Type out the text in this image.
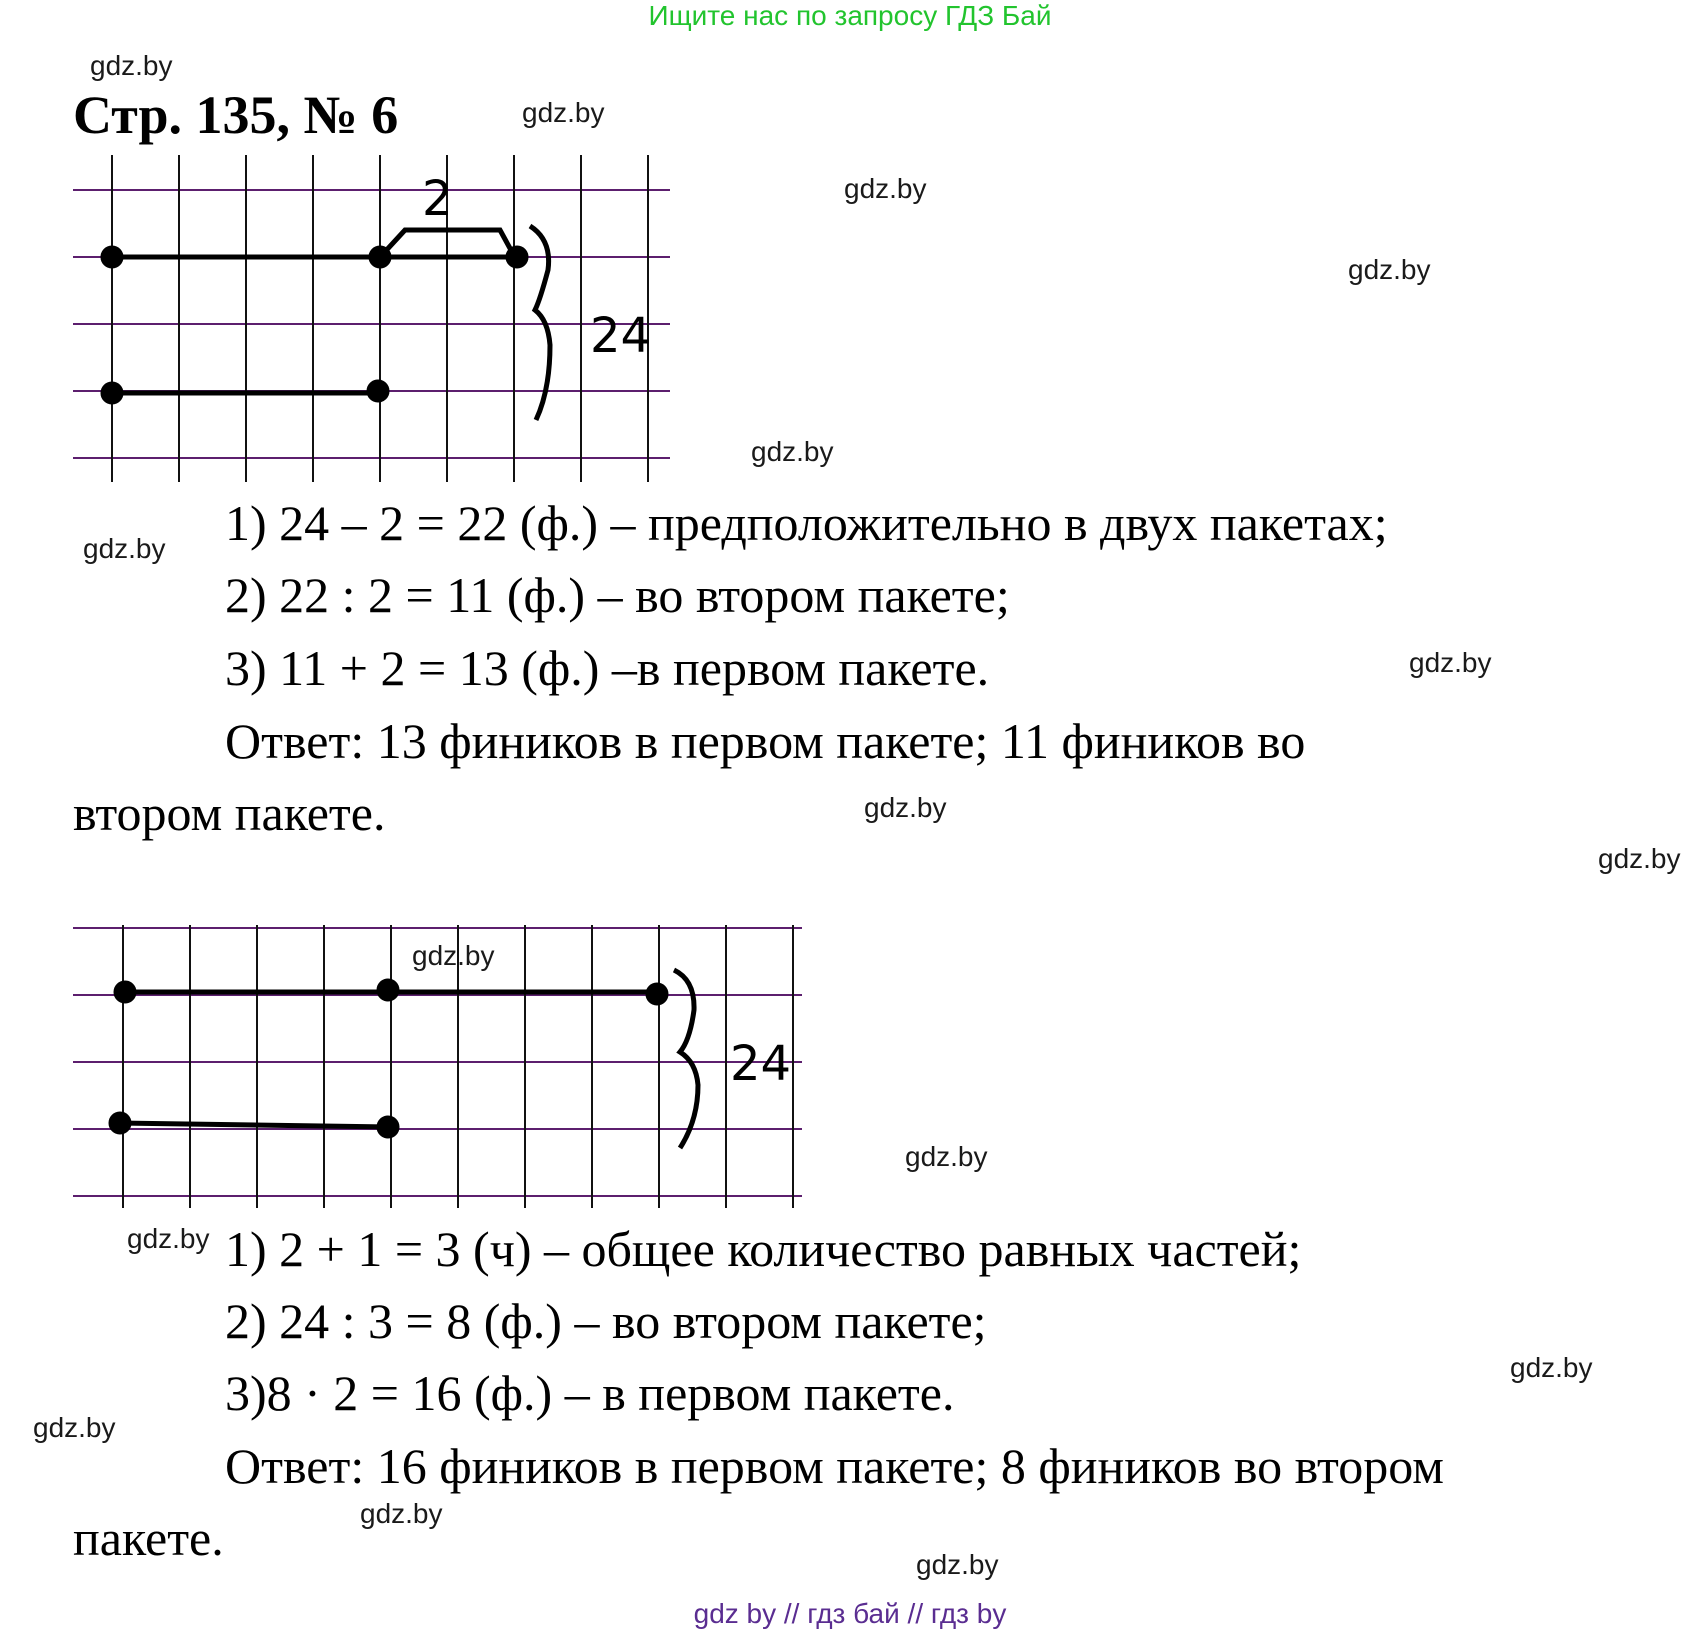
Ищите нас по запросу ГДЗ Бай
Стр. 135, № 6
2
24
1) 24 – 2 = 22 (ф.) – предположительно в двух пакетах;
2) 22 : 2 = 11 (ф.) – во втором пакете;
3) 11 + 2 = 13 (ф.) –в первом пакете.
Ответ: 13 фиников в первом пакете; 11 фиников во
втором пакете.
24
1) 2 + 1 = 3 (ч) – общее количество равных частей;
2) 24 : 3 = 8 (ф.) – во втором пакете;
3)8 · 2 = 16 (ф.) – в первом пакете.
Ответ: 16 фиников в первом пакете; 8 фиников во втором
пакете.
gdz.by
gdz.by
gdz.by
gdz.by
gdz.by
gdz.by
gdz.by
gdz.by
gdz.by
gdz.by
gdz.by
gdz.by
gdz.by
gdz.by
gdz.by
gdz.by
gdz by // гдз бай // гдз by
